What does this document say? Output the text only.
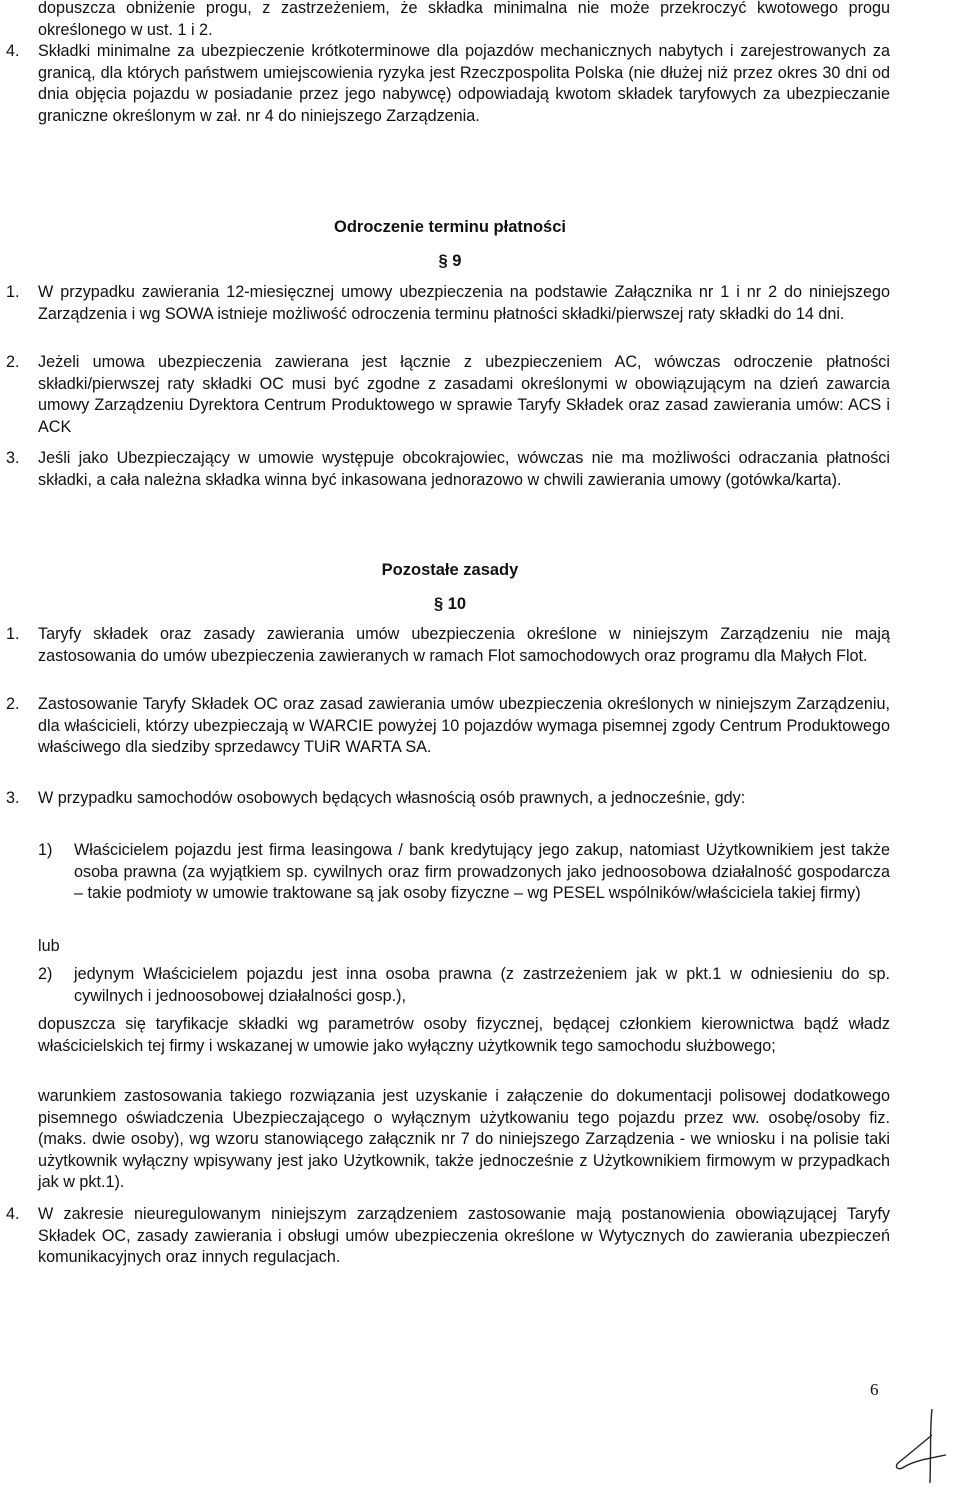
dopuszcza obniżenie progu, z zastrzeżeniem, że składka minimalna nie może przekroczyć kwotowego progu określonego w ust. 1 i 2.
4.	Składki minimalne za ubezpieczenie krótkoterminowe dla pojazdów mechanicznych nabytych i zarejestrowanych za granicą, dla których państwem umiejscowienia ryzyka jest Rzeczpospolita Polska (nie dłużej niż przez okres 30 dni od dnia objęcia pojazdu w posiadanie przez jego nabywcę) odpowiadają kwotom składek taryfowych za ubezpieczanie graniczne określonym w zał. nr 4 do niniejszego Zarządzenia.
Odroczenie terminu płatności
§ 9
1.	W przypadku zawierania 12-miesięcznej umowy ubezpieczenia na podstawie Załącznika nr 1 i nr 2 do niniejszego Zarządzenia i wg SOWA istnieje możliwość odroczenia terminu płatności składki/pierwszej raty składki do 14 dni.
2.	Jeżeli umowa ubezpieczenia zawierana jest łącznie z ubezpieczeniem AC, wówczas odroczenie płatności składki/pierwszej raty składki OC musi być zgodne z zasadami określonymi w obowiązującym na dzień zawarcia umowy Zarządzeniu Dyrektora Centrum Produktowego w sprawie Taryfy Składek oraz zasad zawierania umów: ACS i ACK
3.	Jeśli jako Ubezpieczający w umowie występuje obcokrajowiec, wówczas nie ma możliwości odraczania płatności składki, a cała należna składka winna być inkasowana jednorazowo w chwili zawierania umowy (gotówka/karta).
Pozostałe zasady
§ 10
1.	Taryfy składek oraz zasady zawierania umów ubezpieczenia określone w niniejszym Zarządzeniu nie mają zastosowania do umów ubezpieczenia zawieranych w ramach Flot samochodowych oraz programu dla Małych Flot.
2.	Zastosowanie Taryfy Składek OC oraz zasad zawierania umów ubezpieczenia określonych w niniejszym Zarządzeniu, dla właścicieli, którzy ubezpieczają w WARCIE powyżej 10 pojazdów wymaga pisemnej zgody Centrum Produktowego właściwego dla siedziby sprzedawcy TUiR WARTA SA.
3.	W przypadku samochodów osobowych będących własnością osób prawnych, a jednocześnie, gdy:
1)	Właścicielem pojazdu jest firma leasingowa / bank kredytujący jego zakup, natomiast Użytkownikiem jest także osoba prawna (za wyjątkiem sp. cywilnych oraz firm prowadzonych jako jednoosobowa działalność gospodarcza – takie podmioty w umowie traktowane są jak osoby fizyczne – wg PESEL wspólników/właściciela takiej firmy)
lub
2)	jedynym Właścicielem pojazdu jest inna osoba prawna (z zastrzeżeniem jak w pkt.1 w odniesieniu do sp. cywilnych i jednoosobowej działalności gosp.),
dopuszcza się taryfikacje składki wg parametrów osoby fizycznej, będącej członkiem kierownictwa bądź władz właścicielskich tej firmy i wskazanej w umowie jako wyłączny użytkownik tego samochodu służbowego;
warunkiem zastosowania takiego rozwiązania jest uzyskanie i załączenie do dokumentacji polisowej dodatkowego pisemnego oświadczenia Ubezpieczającego o wyłącznym użytkowaniu tego pojazdu przez ww. osobę/osoby fiz. (maks. dwie osoby), wg wzoru stanowiącego załącznik nr 7 do niniejszego Zarządzenia - we wniosku i na polisie taki użytkownik wyłączny wpisywany jest jako Użytkownik, także jednocześnie z Użytkownikiem firmowym w przypadkach jak w pkt.1).
4.	W zakresie nieuregulowanym niniejszym zarządzeniem zastosowanie mają postanowienia obowiązującej Taryfy Składek OC, zasady zawierania i obsługi umów ubezpieczenia określone w Wytycznych do zawierania ubezpieczeń komunikacyjnych oraz innych regulacjach.
6
